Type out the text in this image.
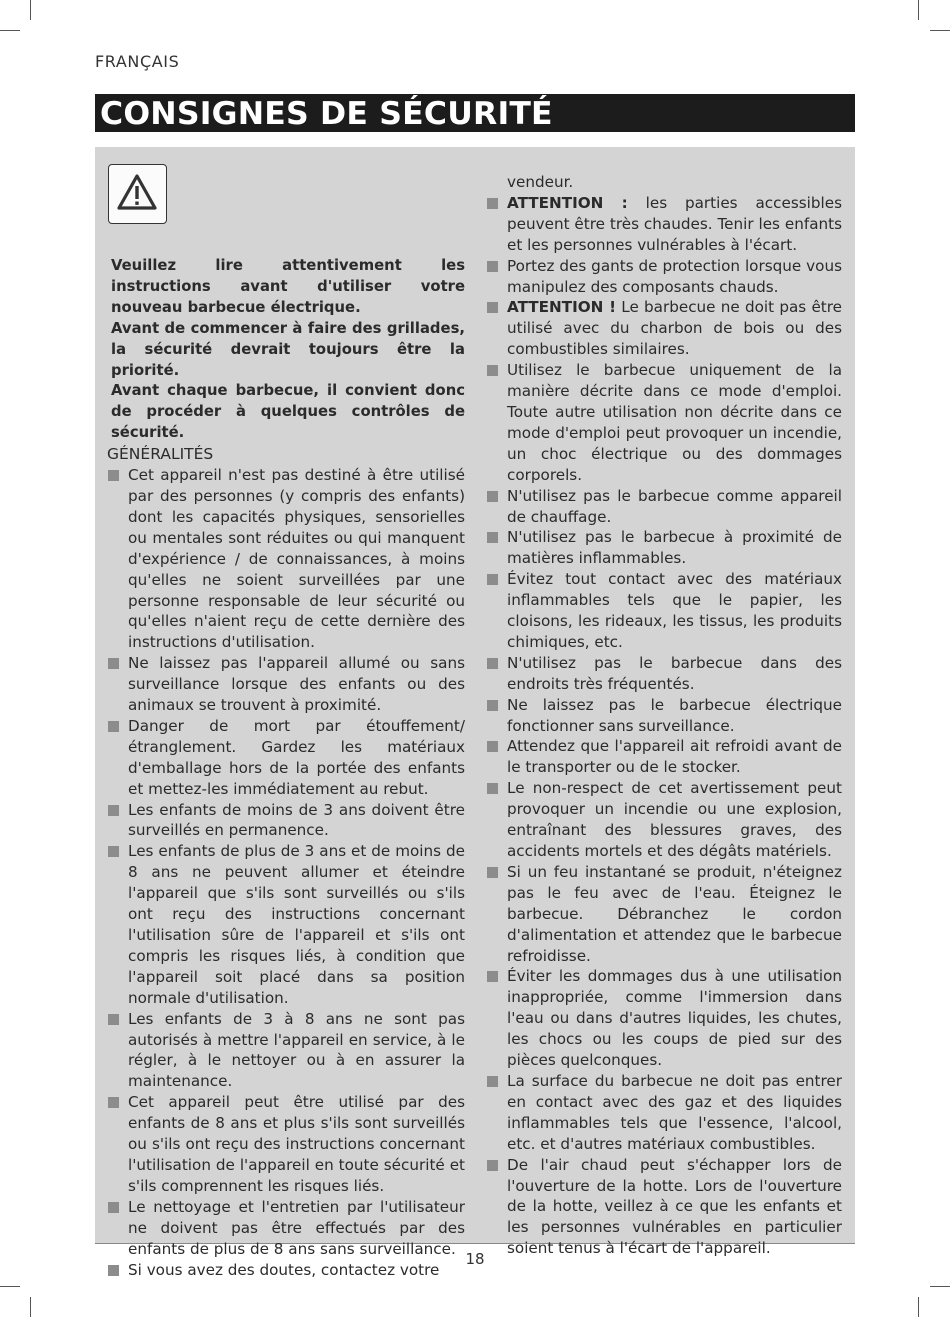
FRANÇAIS
CONSIGNES DE SÉCURITÉ

Veuillez lire attentivement les instructions avant d'utiliser votre nouveau barbecue électrique.

Avant de commencer à faire des grillades, la sécurité devrait toujours être la priorité.

Avant chaque barbecue, il convient donc de procéder à quelques contrôles de sécurité.

GÉNÉRALITÉS

Cet appareil n'est pas destiné à être utilisé par des personnes (y compris des enfants) dont les capacités physiques, sensorielles ou mentales sont réduites ou qui manquent d'expérience / de connaissances, à moins qu'elles ne soient surveillées par une personne responsable de leur sécurité ou qu'elles n'aient reçu de cette dernière des instructions d'utilisation.
Ne laissez pas l'appareil allumé ou sans surveillance lorsque des enfants ou des animaux se trouvent à proximité.
Danger de mort par étouffement/ étranglement. Gardez les matériaux d'emballage hors de la portée des enfants et mettez-les immédiatement au rebut.
Les enfants de moins de 3 ans doivent être surveillés en permanence.
Les enfants de plus de 3 ans et de moins de 8 ans ne peuvent allumer et éteindre l'appareil que s'ils sont surveillés ou s'ils ont reçu des instructions concernant l'utilisation sûre de l'appareil et s'ils ont compris les risques liés, à condition que l'appareil soit placé dans sa position normale d'utilisation.
Les enfants de 3 à 8 ans ne sont pas autorisés à mettre l'appareil en service, à le régler, à le nettoyer ou à en assurer la maintenance.
Cet appareil peut être utilisé par des enfants de 8 ans et plus s'ils sont surveillés ou s'ils ont reçu des instructions concernant l'utilisation de l'appareil en toute sécurité et s'ils comprennent les risques liés.
Le nettoyage et l'entretien par l'utilisateur ne doivent pas être effectués par des enfants de plus de 8 ans sans surveillance.
Si vous avez des doutes, contactez votre
vendeur.
ATTENTION : les parties accessibles peuvent être très chaudes. Tenir les enfants et les personnes vulnérables à l'écart.
Portez des gants de protection lorsque vous manipulez des composants chauds.
ATTENTION ! Le barbecue ne doit pas être utilisé avec du charbon de bois ou des combustibles similaires.
Utilisez le barbecue uniquement de la manière décrite dans ce mode d'emploi. Toute autre utilisation non décrite dans ce mode d'emploi peut provoquer un incendie, un choc électrique ou des dommages corporels.
N'utilisez pas le barbecue comme appareil de chauffage.
N'utilisez pas le barbecue à proximité de matières inflammables.
Évitez tout contact avec des matériaux inflammables tels que le papier, les cloisons, les rideaux, les tissus, les produits chimiques, etc.
N'utilisez pas le barbecue dans des endroits très fréquentés.
Ne laissez pas le barbecue électrique fonctionner sans surveillance.
Attendez que l'appareil ait refroidi avant de le transporter ou de le stocker.
Le non-respect de cet avertissement peut provoquer un incendie ou une explosion, entraînant des blessures graves, des accidents mortels et des dégâts matériels.
Si un feu instantané se produit, n'éteignez pas le feu avec de l'eau. Éteignez le barbecue. Débranchez le cordon d'alimentation et attendez que le barbecue refroidisse.
Éviter les dommages dus à une utilisation inappropriée, comme l'immersion dans l'eau ou dans d'autres liquides, les chutes, les chocs ou les coups de pied sur des pièces quelconques.
La surface du barbecue ne doit pas entrer en contact avec des gaz et des liquides inflammables tels que l'essence, l'alcool, etc. et d'autres matériaux combustibles.
De l'air chaud peut s'échapper lors de l'ouverture de la hotte. Lors de l'ouverture de la hotte, veillez à ce que les enfants et les personnes vulnérables en particulier soient tenus à l'écart de l'appareil.
18
